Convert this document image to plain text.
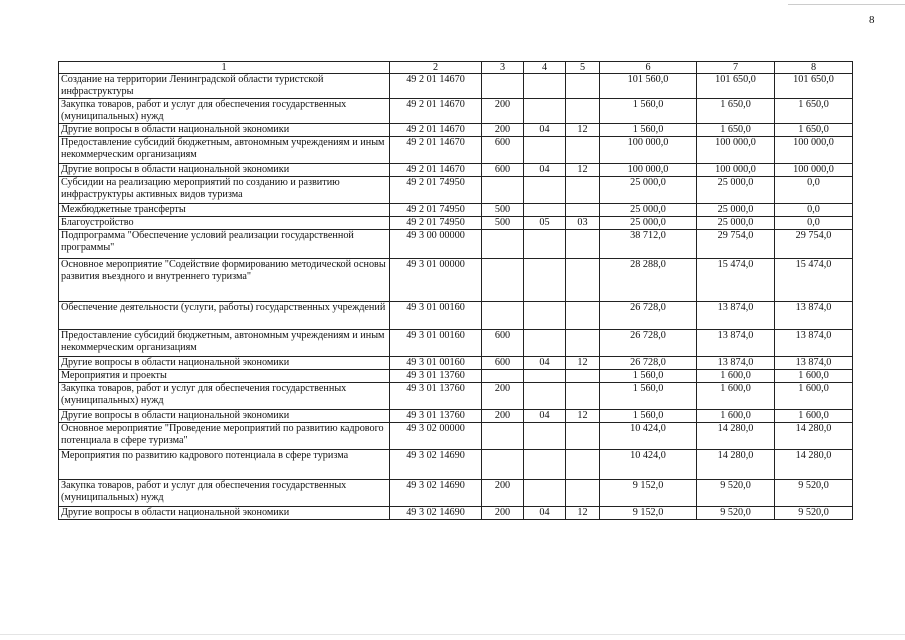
8
1	2	3	4	5	6	7	8
Создание на территории Ленинградской области туристской инфраструктуры	49 2 01 14670				101 560,0	101 650,0	101 650,0
Закупка товаров, работ и услуг для обеспечения государственных (муниципальных) нужд	49 2 01 14670	200			1 560,0	1 650,0	1 650,0
Другие вопросы в области национальной экономики	49 2 01 14670	200	04	12	1 560,0	1 650,0	1 650,0
Предоставление субсидий бюджетным, автономным учреждениям и иным некоммерческим организациям	49 2 01 14670	600			100 000,0	100 000,0	100 000,0
Другие вопросы в области национальной экономики	49 2 01 14670	600	04	12	100 000,0	100 000,0	100 000,0
Субсидии на реализацию мероприятий по созданию и развитию инфраструктуры активных видов туризма	49 2 01 74950				25 000,0	25 000,0	0,0
Межбюджетные трансферты	49 2 01 74950	500			25 000,0	25 000,0	0,0
Благоустройство	49 2 01 74950	500	05	03	25 000,0	25 000,0	0,0
Подпрограмма "Обеспечение условий реализации государственной программы"	49 3 00 00000				38 712,0	29 754,0	29 754,0
Основное мероприятие "Содействие формированию методической основы развития въездного и внутреннего туризма"	49 3 01 00000				28 288,0	15 474,0	15 474,0
Обеспечение деятельности (услуги, работы) государственных учреждений	49 3 01 00160				26 728,0	13 874,0	13 874,0
Предоставление субсидий бюджетным, автономным учреждениям и иным некоммерческим организациям	49 3 01 00160	600			26 728,0	13 874,0	13 874,0
Другие вопросы в области национальной экономики	49 3 01 00160	600	04	12	26 728,0	13 874,0	13 874,0
Мероприятия и проекты	49 3 01 13760				1 560,0	1 600,0	1 600,0
Закупка товаров, работ и услуг для обеспечения государственных (муниципальных) нужд	49 3 01 13760	200			1 560,0	1 600,0	1 600,0
Другие вопросы в области национальной экономики	49 3 01 13760	200	04	12	1 560,0	1 600,0	1 600,0
Основное мероприятие "Проведение мероприятий по развитию кадрового потенциала в сфере туризма"	49 3 02 00000				10 424,0	14 280,0	14 280,0
Мероприятия по развитию кадрового потенциала в сфере туризма	49 3 02 14690				10 424,0	14 280,0	14 280,0
Закупка товаров, работ и услуг для обеспечения государственных (муниципальных) нужд	49 3 02 14690	200			9 152,0	9 520,0	9 520,0
Другие вопросы в области национальной экономики	49 3 02 14690	200	04	12	9 152,0	9 520,0	9 520,0
